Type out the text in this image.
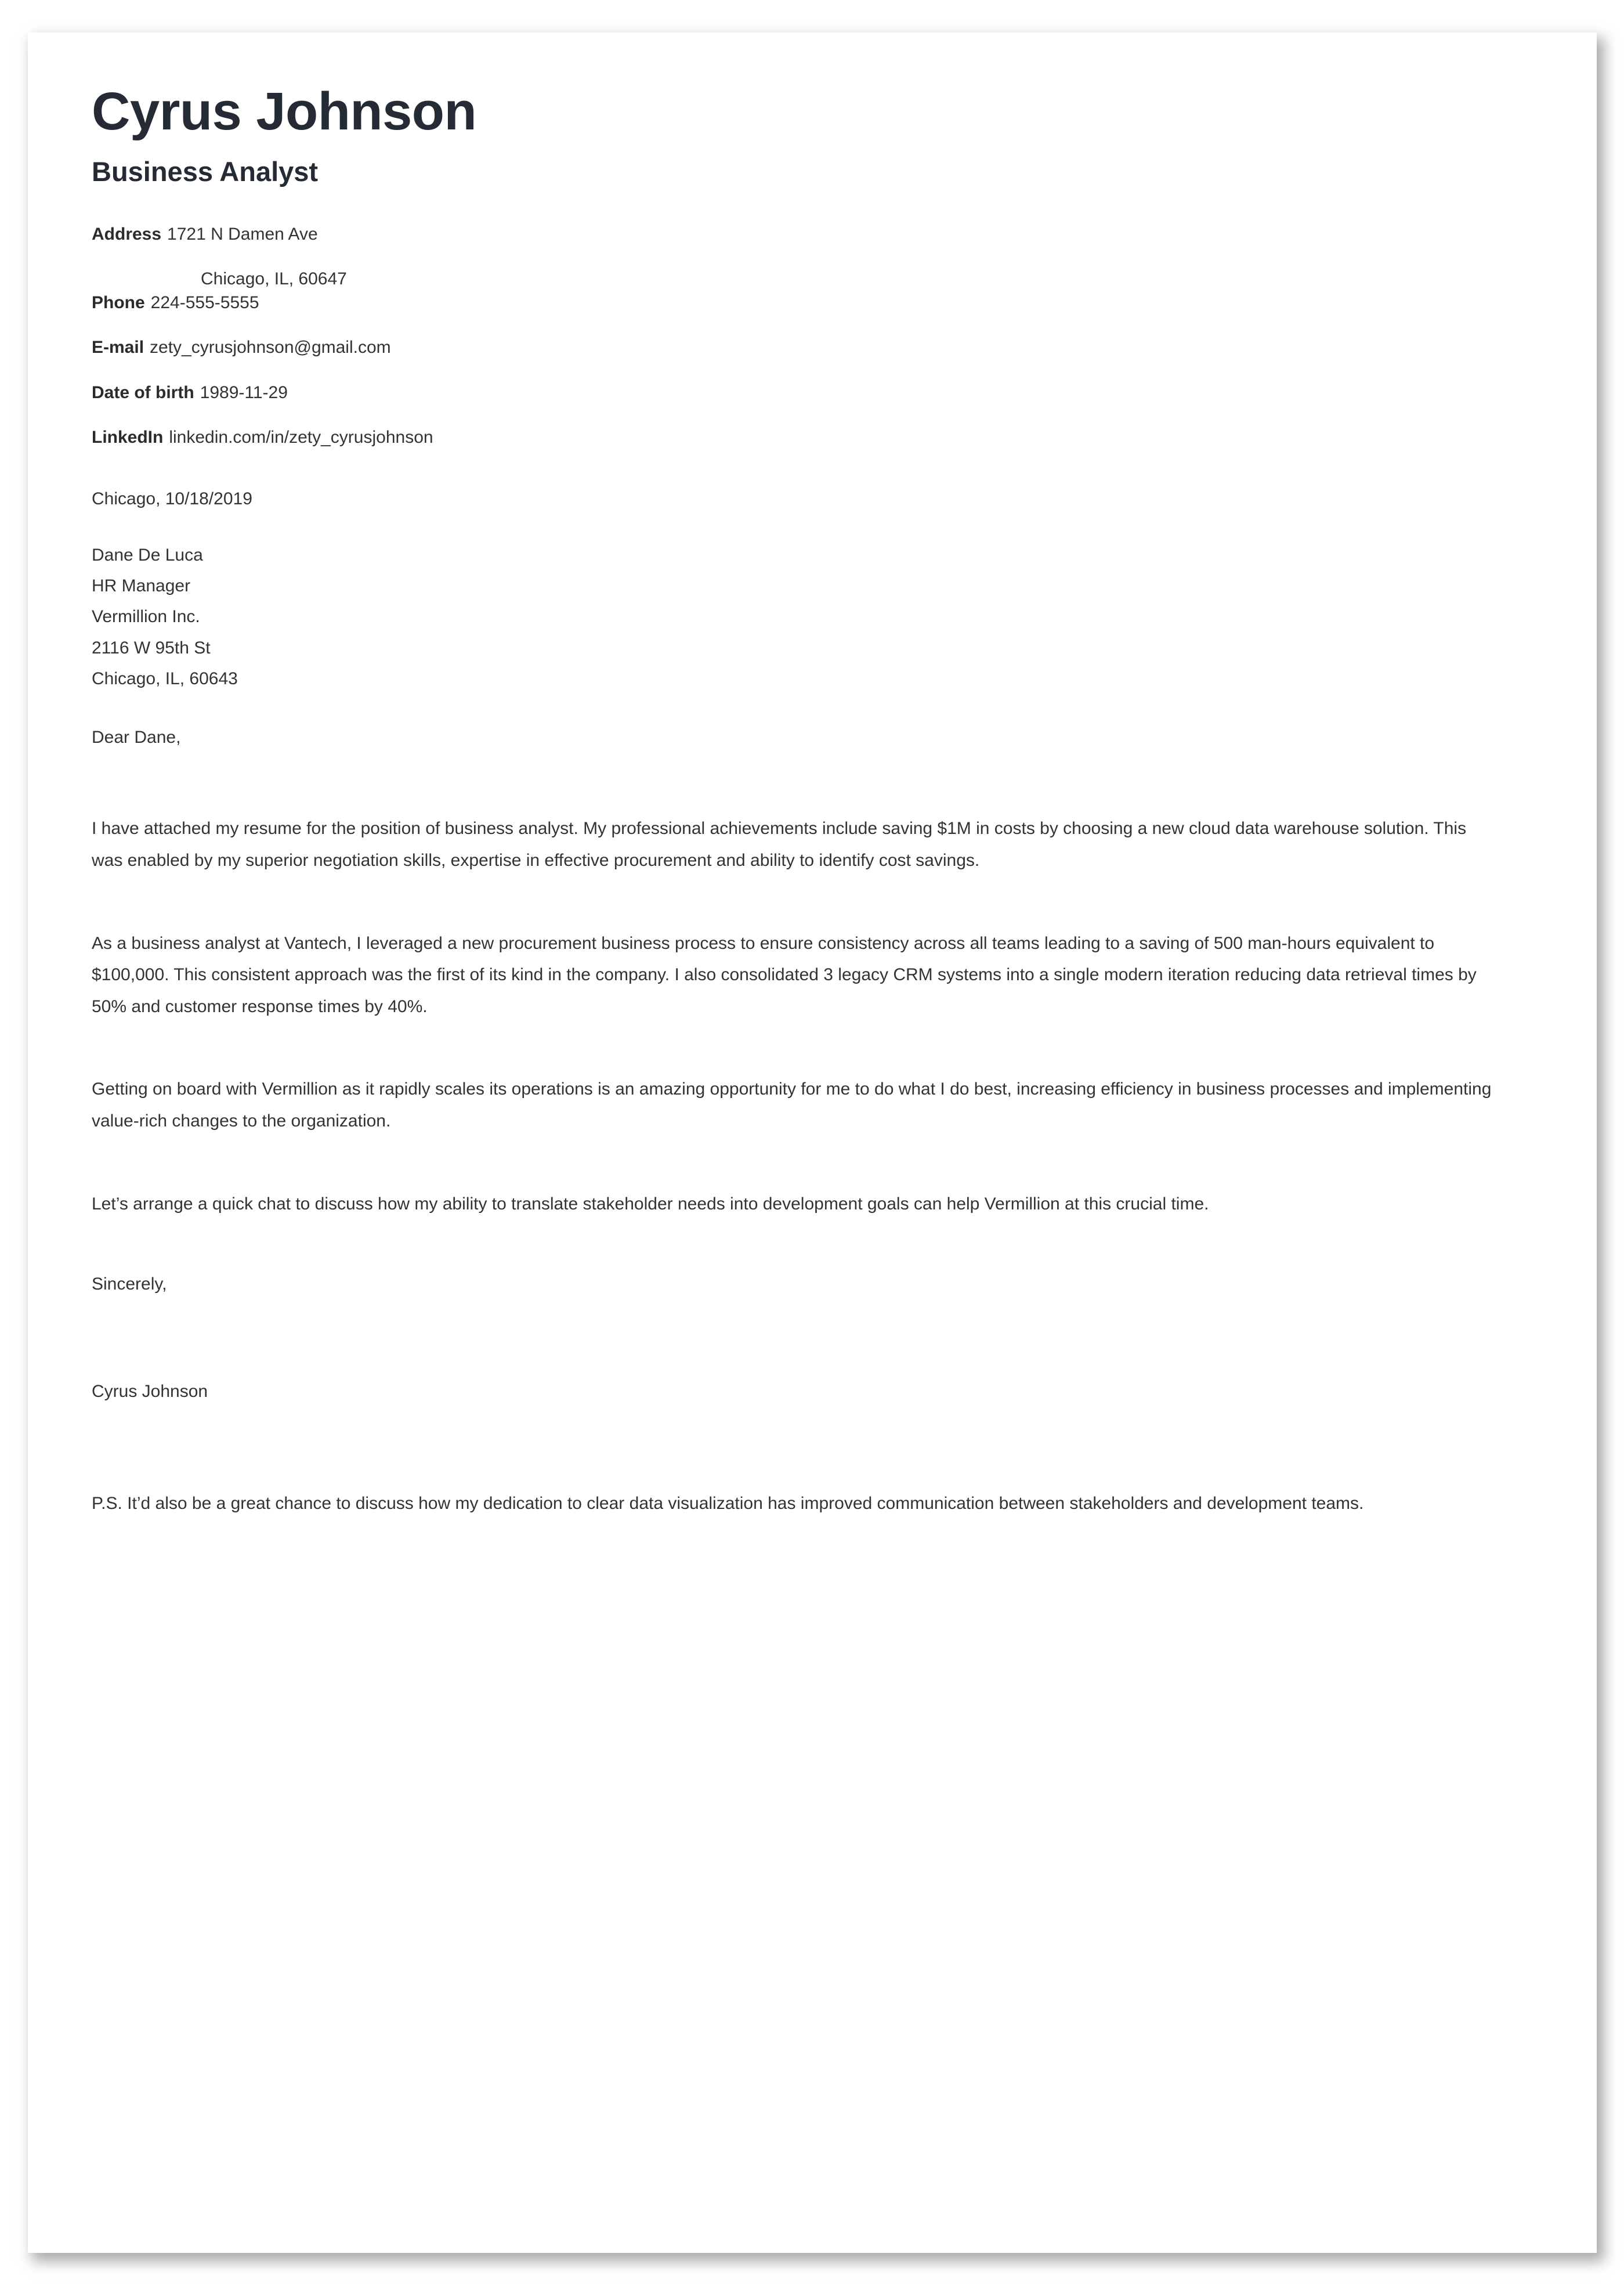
Cyrus Johnson
Business Analyst
Address 1721 N Damen Ave
Chicago, IL, 60647
Phone 224-555-5555
E-mail zety_cyrusjohnson@gmail.com
Date of birth 1989-11-29
LinkedIn linkedin.com/in/zety_cyrusjohnson

Chicago, 10/18/2019

Dane De Luca
HR Manager
Vermillion Inc.
2116 W 95th St
Chicago, IL, 60643

Dear Dane,

I have attached my resume for the position of business analyst. My professional achievements include saving $1M in costs by choosing a new cloud data warehouse solution. This was enabled by my superior negotiation skills, expertise in effective procurement and ability to identify cost savings.

As a business analyst at Vantech, I leveraged a new procurement business process to ensure consistency across all teams leading to a saving of 500 man-hours equivalent to $100,000. This consistent approach was the first of its kind in the company. I also consolidated 3 legacy CRM systems into a single modern iteration reducing data retrieval times by 50% and customer response times by 40%.

Getting on board with Vermillion as it rapidly scales its operations is an amazing opportunity for me to do what I do best, increasing efficiency in business processes and implementing value-rich changes to the organization.

Let’s arrange a quick chat to discuss how my ability to translate stakeholder needs into development goals can help Vermillion at this crucial time.

Sincerely,

Cyrus Johnson

P.S. It’d also be a great chance to discuss how my dedication to clear data visualization has improved communication between stakeholders and development teams.
